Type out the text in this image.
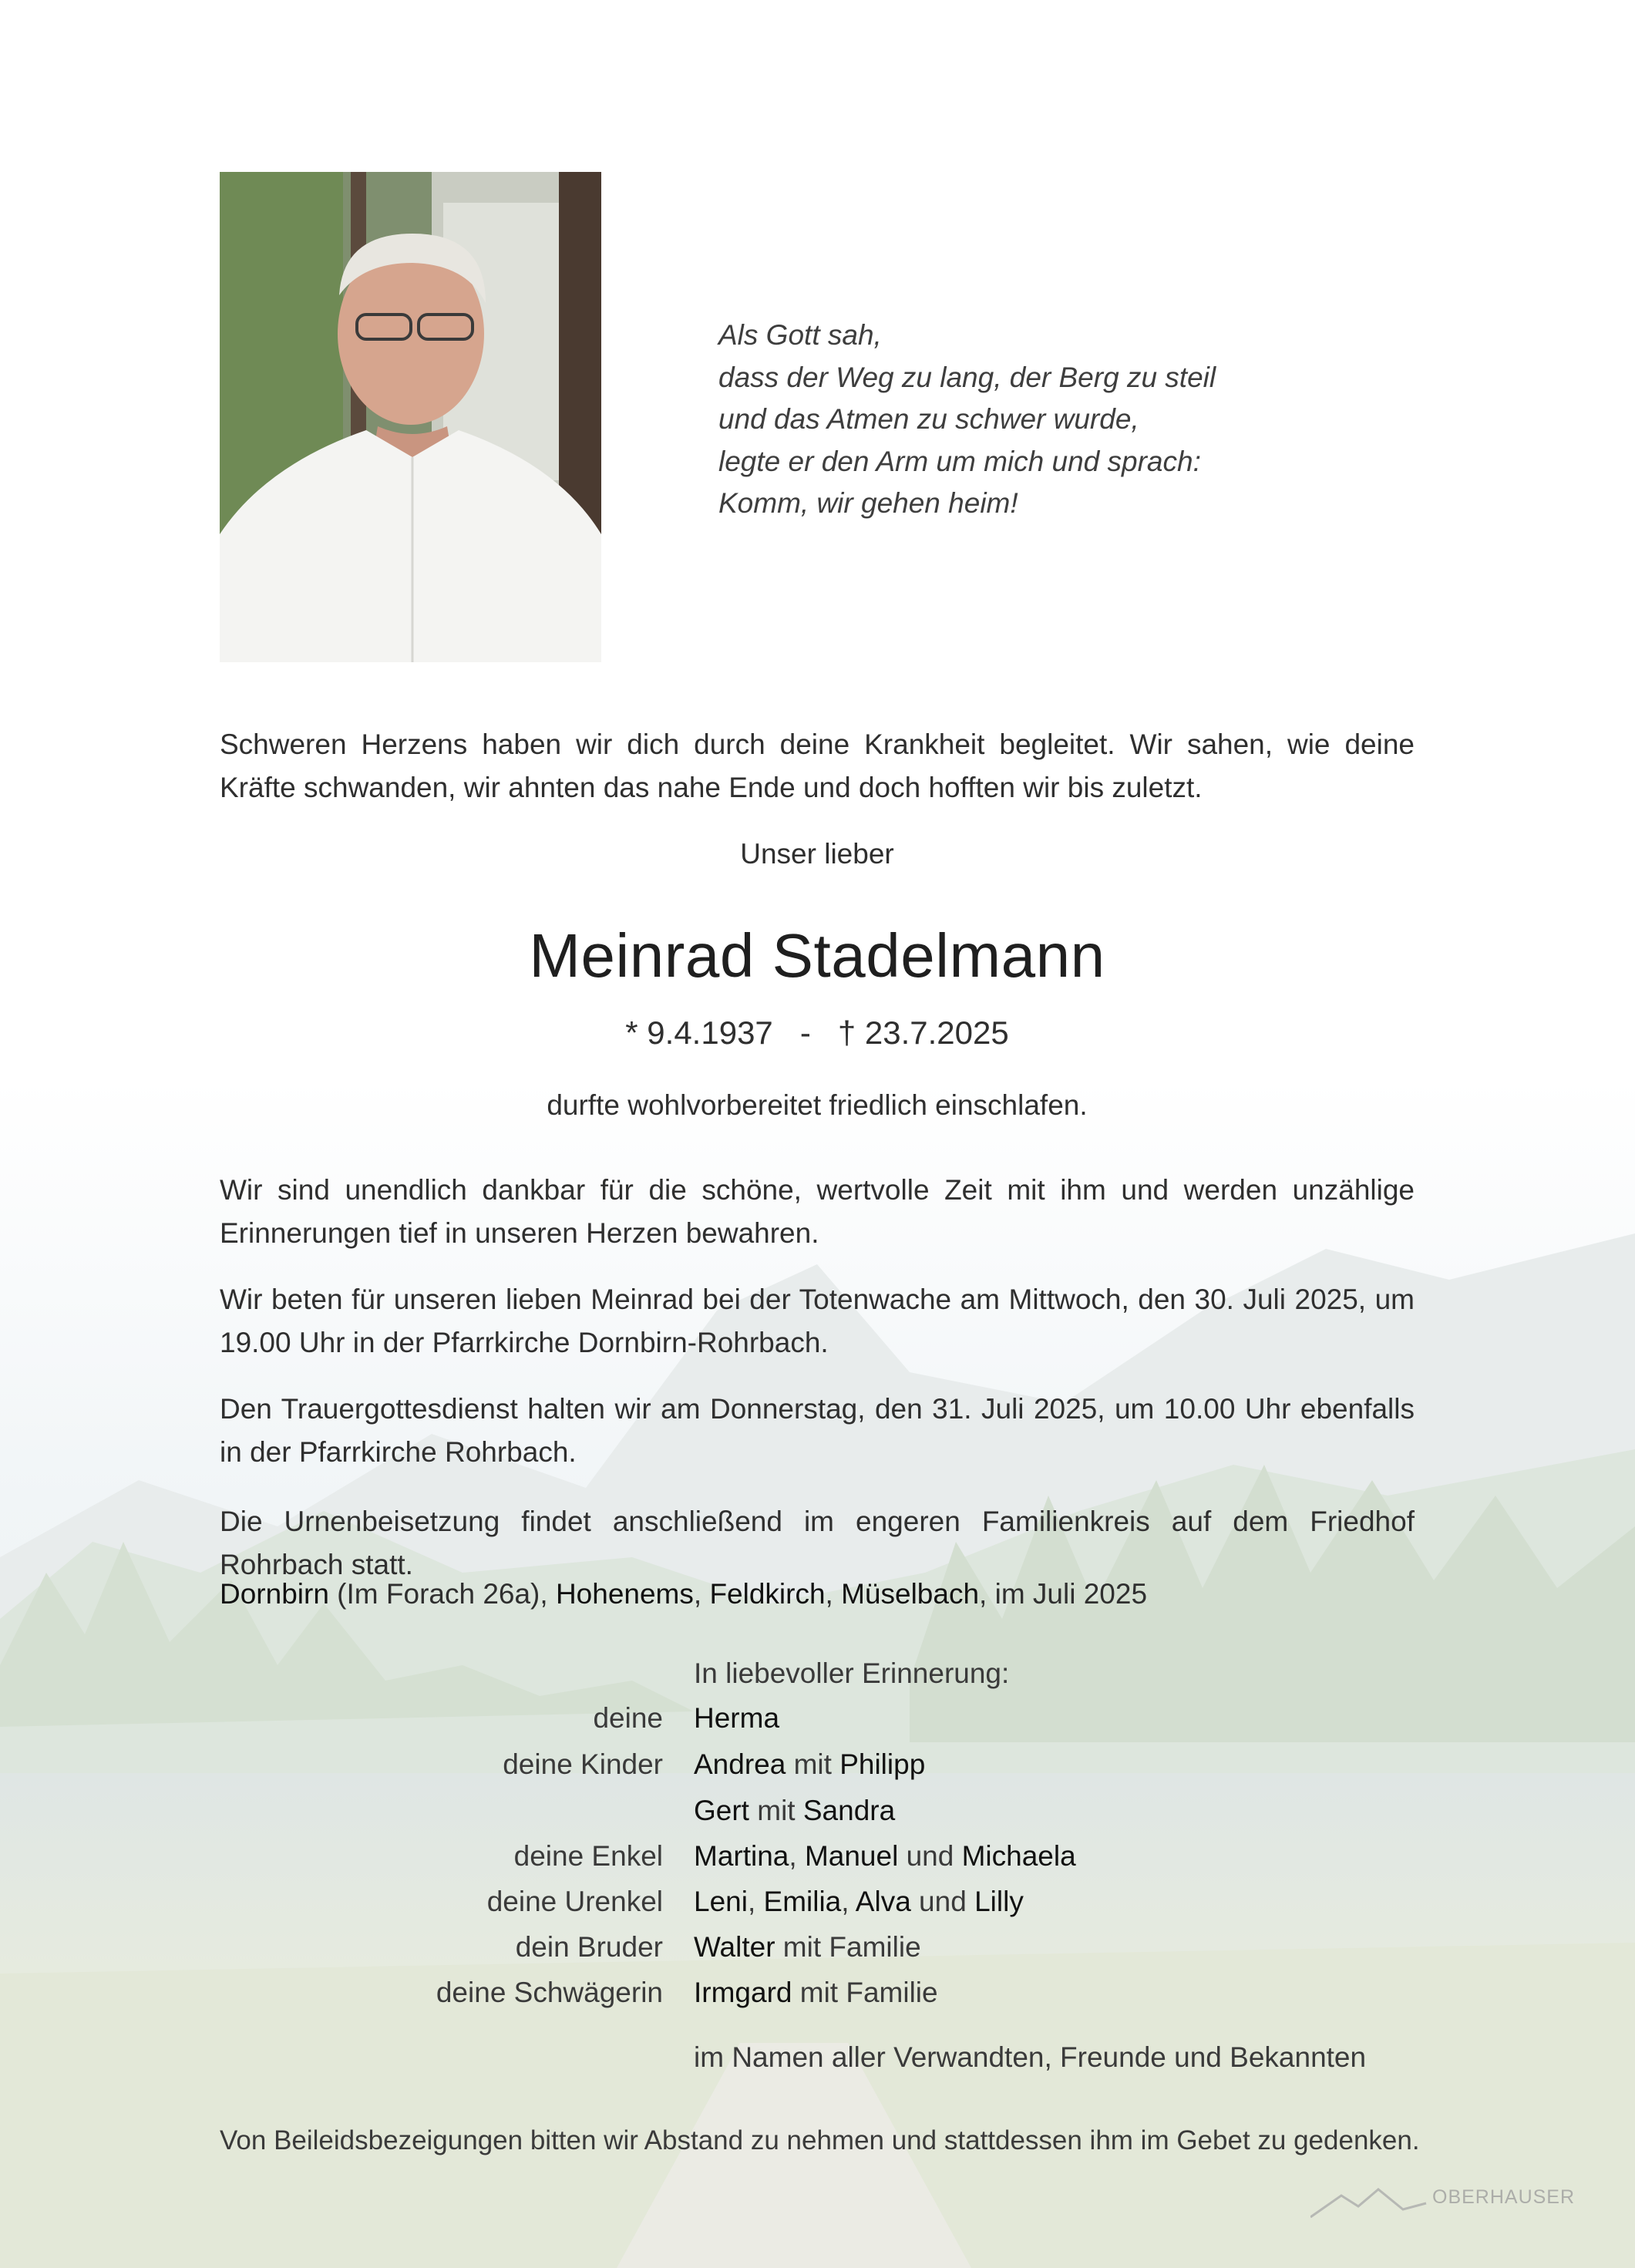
Als Gott sah,
dass der Weg zu lang, der Berg zu steil
und das Atmen zu schwer wurde,
legte er den Arm um mich und sprach:
Komm, wir gehen heim!
Schweren Herzens haben wir dich durch deine Krankheit begleitet. Wir sahen, wie deine Kräfte schwanden, wir ahnten das nahe Ende und doch hofften wir bis zuletzt.
Unser lieber
Meinrad Stadelmann
* 9.4.1937 - † 23.7.2025
durfte wohlvorbereitet friedlich einschlafen.
Wir sind unendlich dankbar für die schöne, wertvolle Zeit mit ihm und werden unzählige Erinnerungen tief in unseren Herzen bewahren.
Wir beten für unseren lieben Meinrad bei der Totenwache am Mittwoch, den 30. Juli 2025, um 19.00 Uhr in der Pfarrkirche Dornbirn-Rohrbach.
Den Trauergottesdienst halten wir am Donnerstag, den 31. Juli 2025, um 10.00 Uhr ebenfalls in der Pfarrkirche Rohrbach.
Die Urnenbeisetzung findet anschließend im engeren Familienkreis auf dem Friedhof Rohrbach statt.
Dornbirn (Im Forach 26a), Hohenems, Feldkirch, Müselbach, im Juli 2025
In liebevoller Erinnerung:
deine Herma
deine Kinder Andrea mit Philipp
Gert mit Sandra
deine Enkel Martina, Manuel und Michaela
deine Urenkel Leni, Emilia, Alva und Lilly
dein Bruder Walter mit Familie
deine Schwägerin Irmgard mit Familie
im Namen aller Verwandten, Freunde und Bekannten
Von Beileidsbezeigungen bitten wir Abstand zu nehmen und stattdessen ihm im Gebet zu gedenken.
OBERHAUSER
